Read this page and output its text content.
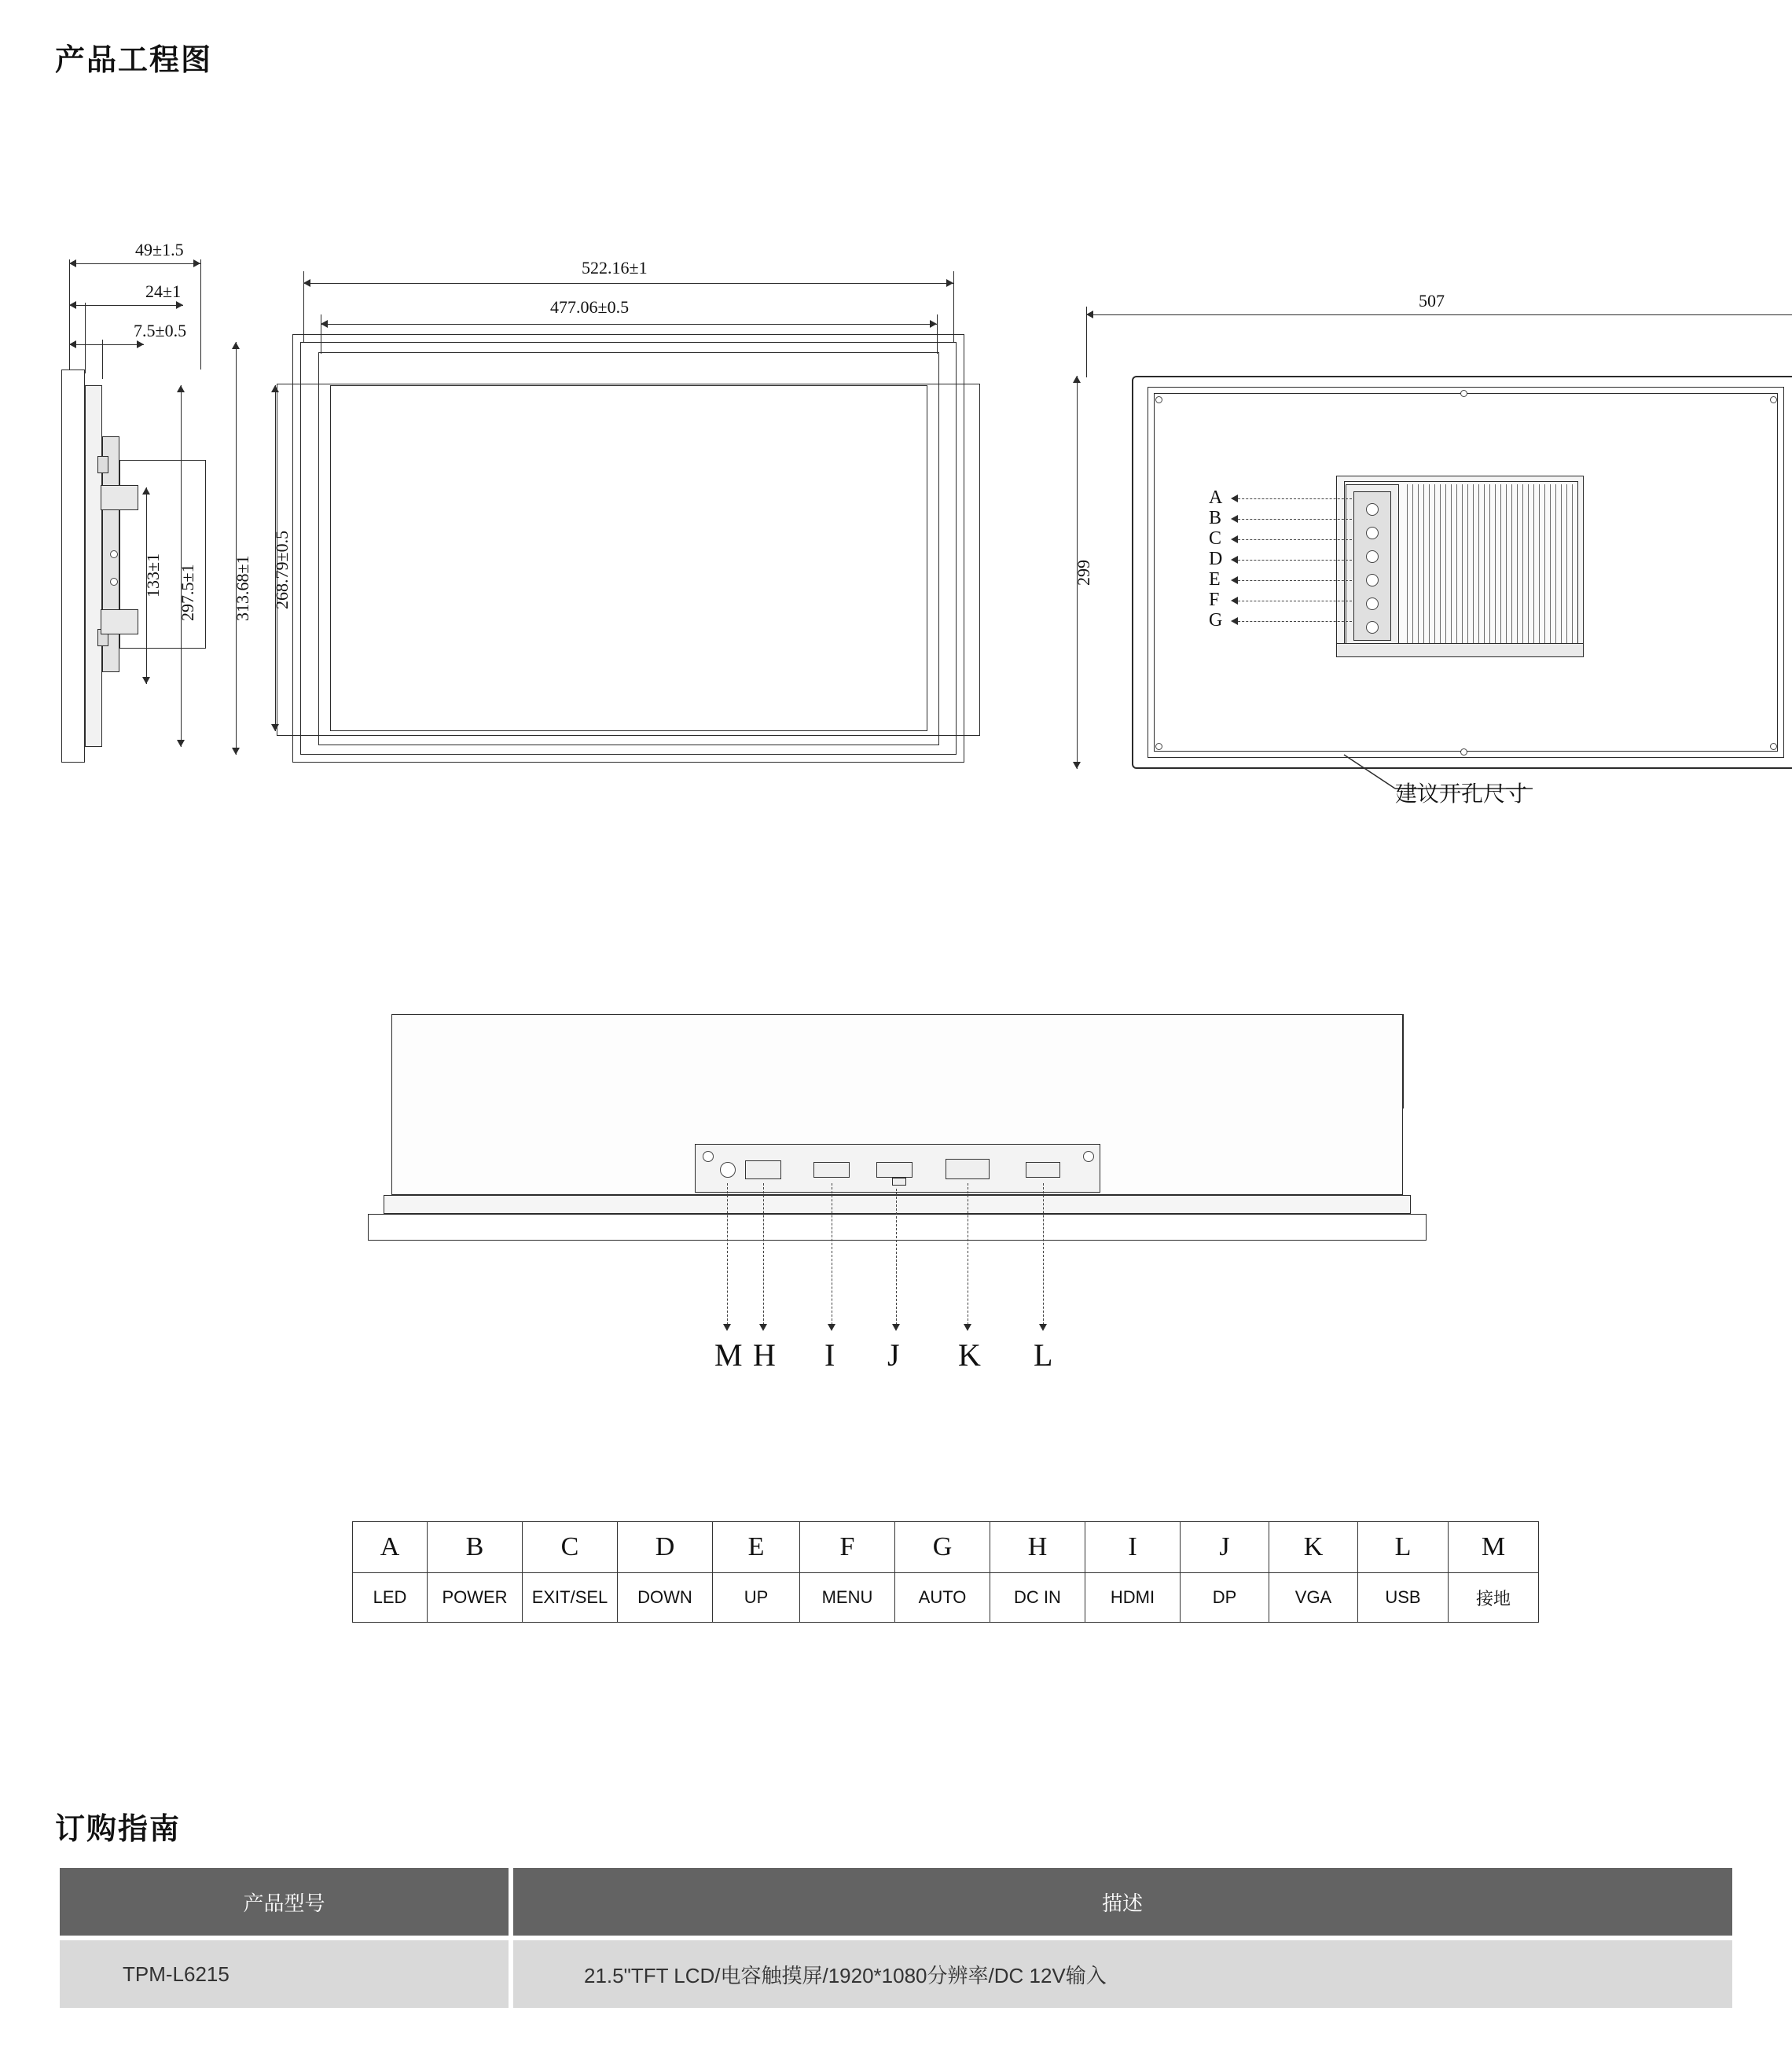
产品工程图
订购指南
49±1.5
24±1
7.5±0.5
133±1 297.5±1
522.16±1
477.06±0.5
313.68±1 268.79±0.5
507
299
A
B
C
D
E
F
G
建议开孔尺寸
M H I J K L
A	B	C	D	E	F	G	H	I	J	K	L	M
LED	POWER	EXIT/SEL	DOWN	UP	MENU	AUTO	DC IN	HDMI	DP	VGA	USB	接地
产品型号	描述
TPM-L6215	21.5"TFT LCD/电容触摸屏/1920*1080分辨率/DC 12V输入
